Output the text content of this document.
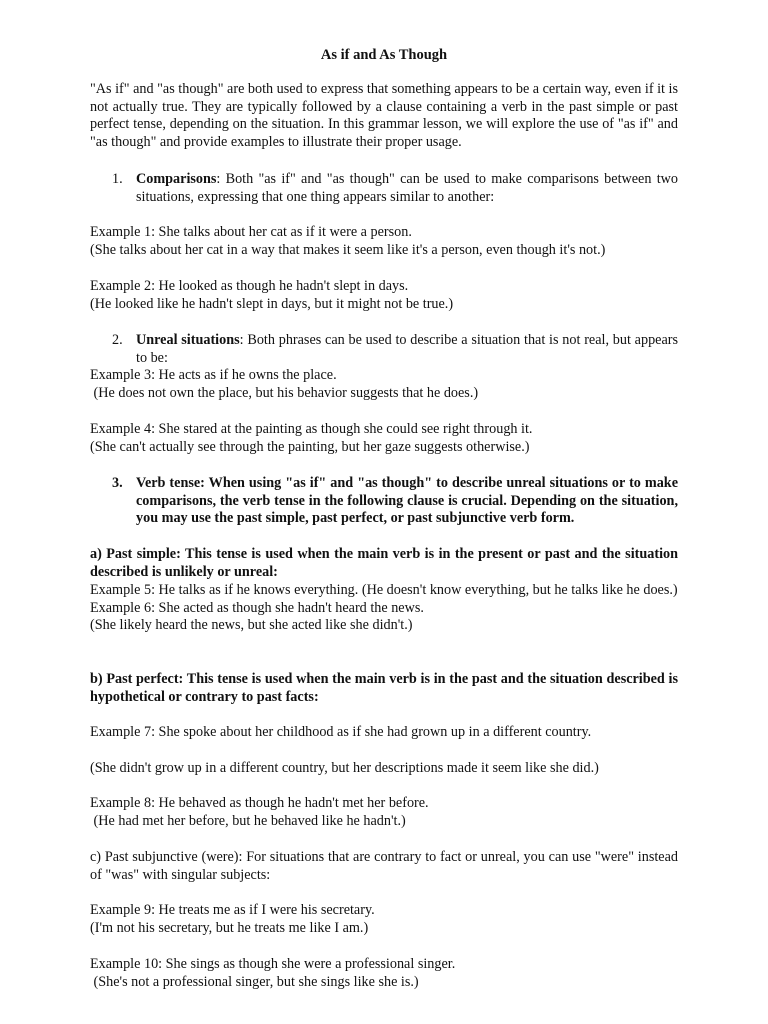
As if and As Though

"As if" and "as though" are both used to express that something appears to be a certain way, even if it is not actually true. They are typically followed by a clause containing a verb in the past simple or past perfect tense, depending on the situation. In this grammar lesson, we will explore the use of "as if" and "as though" and provide examples to illustrate their proper usage.

1. Comparisons: Both "as if" and "as though" can be used to make comparisons between two situations, expressing that one thing appears similar to another:
Example 1: She talks about her cat as if it were a person.
(She talks about her cat in a way that makes it seem like it's a person, even though it's not.)
Example 2: He looked as though he hadn't slept in days.
(He looked like he hadn't slept in days, but it might not be true.)
2. Unreal situations: Both phrases can be used to describe a situation that is not real, but appears to be:
Example 3: He acts as if he owns the place.
(He does not own the place, but his behavior suggests that he does.)
Example 4: She stared at the painting as though she could see right through it.
(She can't actually see through the painting, but her gaze suggests otherwise.)
3. Verb tense: When using "as if" and "as though" to describe unreal situations or to make comparisons, the verb tense in the following clause is crucial. Depending on the situation, you may use the past simple, past perfect, or past subjunctive verb form.

a) Past simple: This tense is used when the main verb is in the present or past and the situation described is unlikely or unreal:

Example 5: He talks as if he knows everything. (He doesn't know everything, but he talks like he does.)
Example 6: She acted as though she hadn't heard the news.
(She likely heard the news, but she acted like she didn't.)

b) Past perfect: This tense is used when the main verb is in the past and the situation described is hypothetical or contrary to past facts:

Example 7: She spoke about her childhood as if she had grown up in a different country.
(She didn't grow up in a different country, but her descriptions made it seem like she did.)
Example 8: He behaved as though he hadn't met her before.
(He had met her before, but he behaved like he hadn't.)

c) Past subjunctive (were): For situations that are contrary to fact or unreal, you can use "were" instead of "was" with singular subjects:

Example 9: He treats me as if I were his secretary.
(I'm not his secretary, but he treats me like I am.)
Example 10: She sings as though she were a professional singer.
(She's not a professional singer, but she sings like she is.)
